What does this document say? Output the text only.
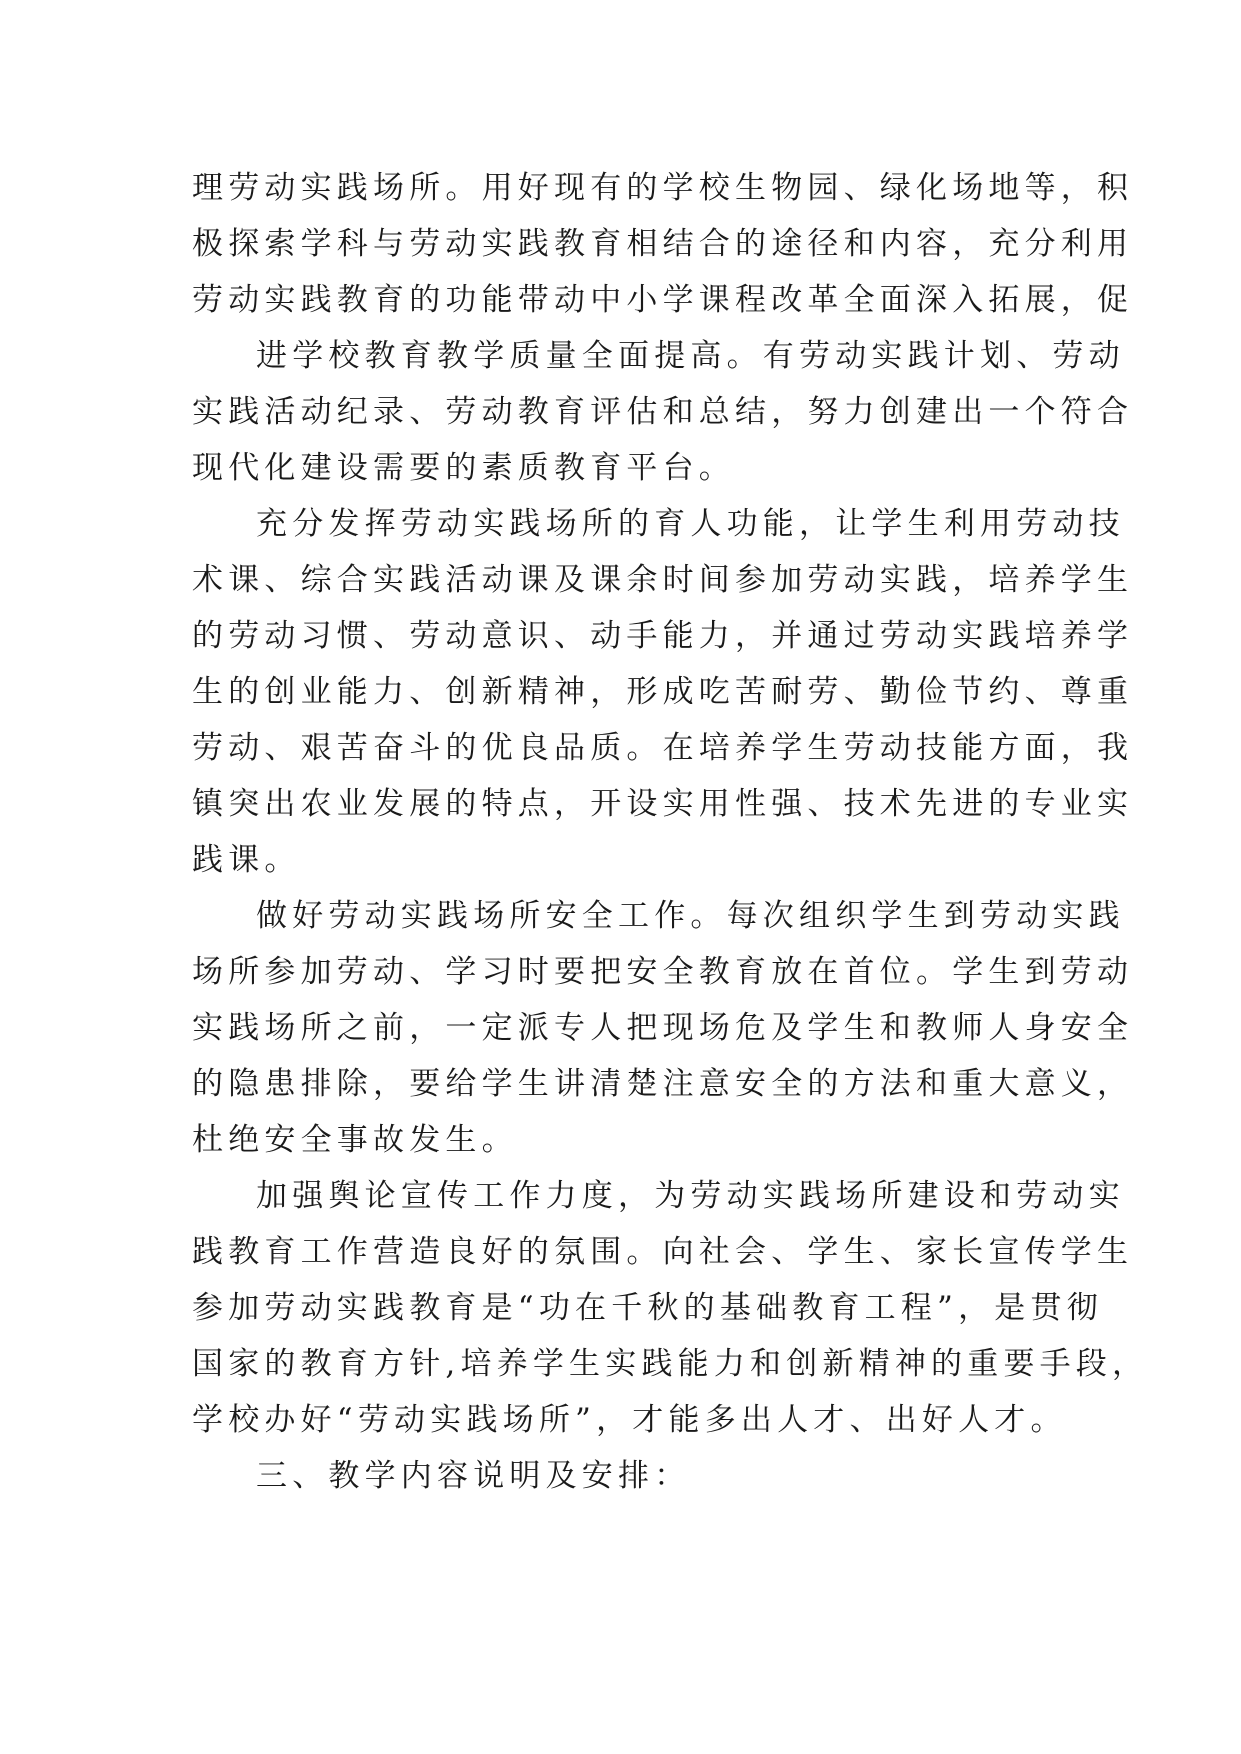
理劳动实践场所。用好现有的学校生物园、绿化场地等，积
极探索学科与劳动实践教育相结合的途径和内容，充分利用
劳动实践教育的功能带动中小学课程改革全面深入拓展，促
进学校教育教学质量全面提高。有劳动实践计划、劳动
实践活动纪录、劳动教育评估和总结，努力创建出一个符合
现代化建设需要的素质教育平台。
充分发挥劳动实践场所的育人功能，让学生利用劳动技
术课、综合实践活动课及课余时间参加劳动实践，培养学生
的劳动习惯、劳动意识、动手能力，并通过劳动实践培养学
生的创业能力、创新精神，形成吃苦耐劳、勤俭节约、尊重
劳动、艰苦奋斗的优良品质。在培养学生劳动技能方面，我
镇突出农业发展的特点，开设实用性强、技术先进的专业实
践课。
做好劳动实践场所安全工作。每次组织学生到劳动实践
场所参加劳动、学习时要把安全教育放在首位。学生到劳动
实践场所之前，一定派专人把现场危及学生和教师人身安全
的隐患排除，要给学生讲清楚注意安全的方法和重大意义，
杜绝安全事故发生。
加强舆论宣传工作力度，为劳动实践场所建设和劳动实
践教育工作营造良好的氛围。向社会、学生、家长宣传学生
参加劳动实践教育是“功在千秋的基础教育工程”，是贯彻
国家的教育方针,培养学生实践能力和创新精神的重要手段，
学校办好“劳动实践场所”，才能多出人才、出好人才。
三、教学内容说明及安排：
